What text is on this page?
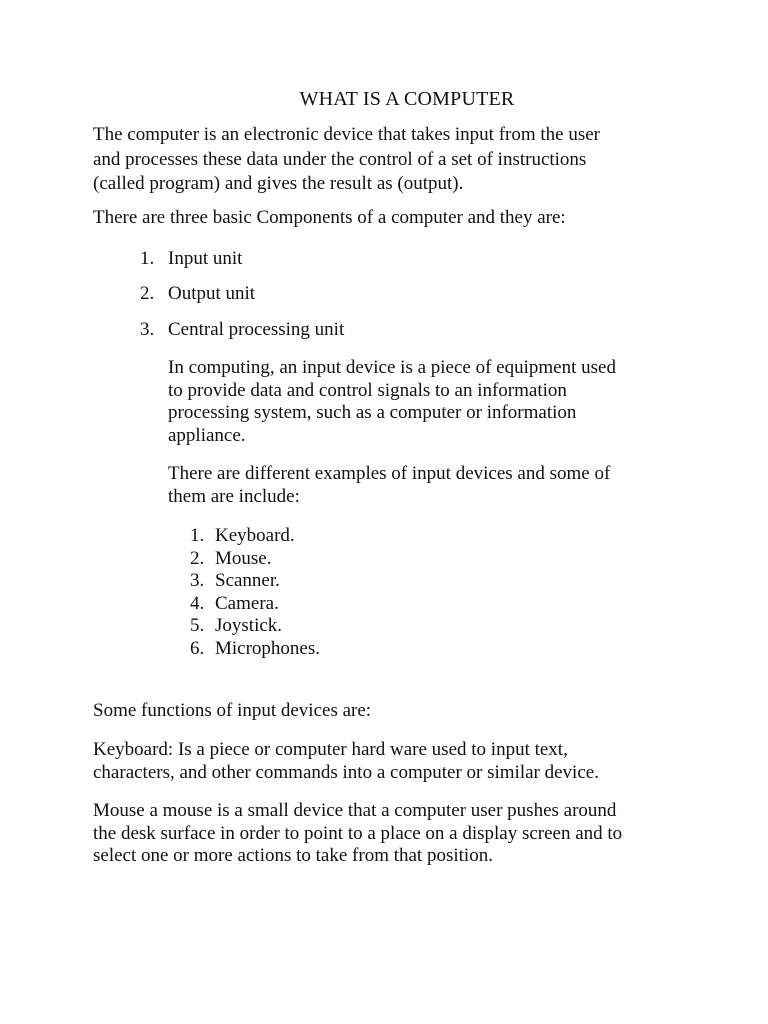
WHAT IS A COMPUTER

The computer is an electronic device that takes input from the user
and processes these data under the control of a set of instructions
(called program) and gives the result as (output).

There are three basic Components of a computer and they are:

1. Input unit
2. Output unit
3. Central processing unit

In computing, an input device is a piece of equipment used
to provide data and control signals to an information
processing system, such as a computer or information
appliance.

There are different examples of input devices and some of
them are include:

1. Keyboard.
2. Mouse.
3. Scanner.
4. Camera.
5. Joystick.
6. Microphones.

Some functions of input devices are:

Keyboard: Is a piece or computer hard ware used to input text,
characters, and other commands into a computer or similar device.

Mouse a mouse is a small device that a computer user pushes around
the desk surface in order to point to a place on a display screen and to
select one or more actions to take from that position.
